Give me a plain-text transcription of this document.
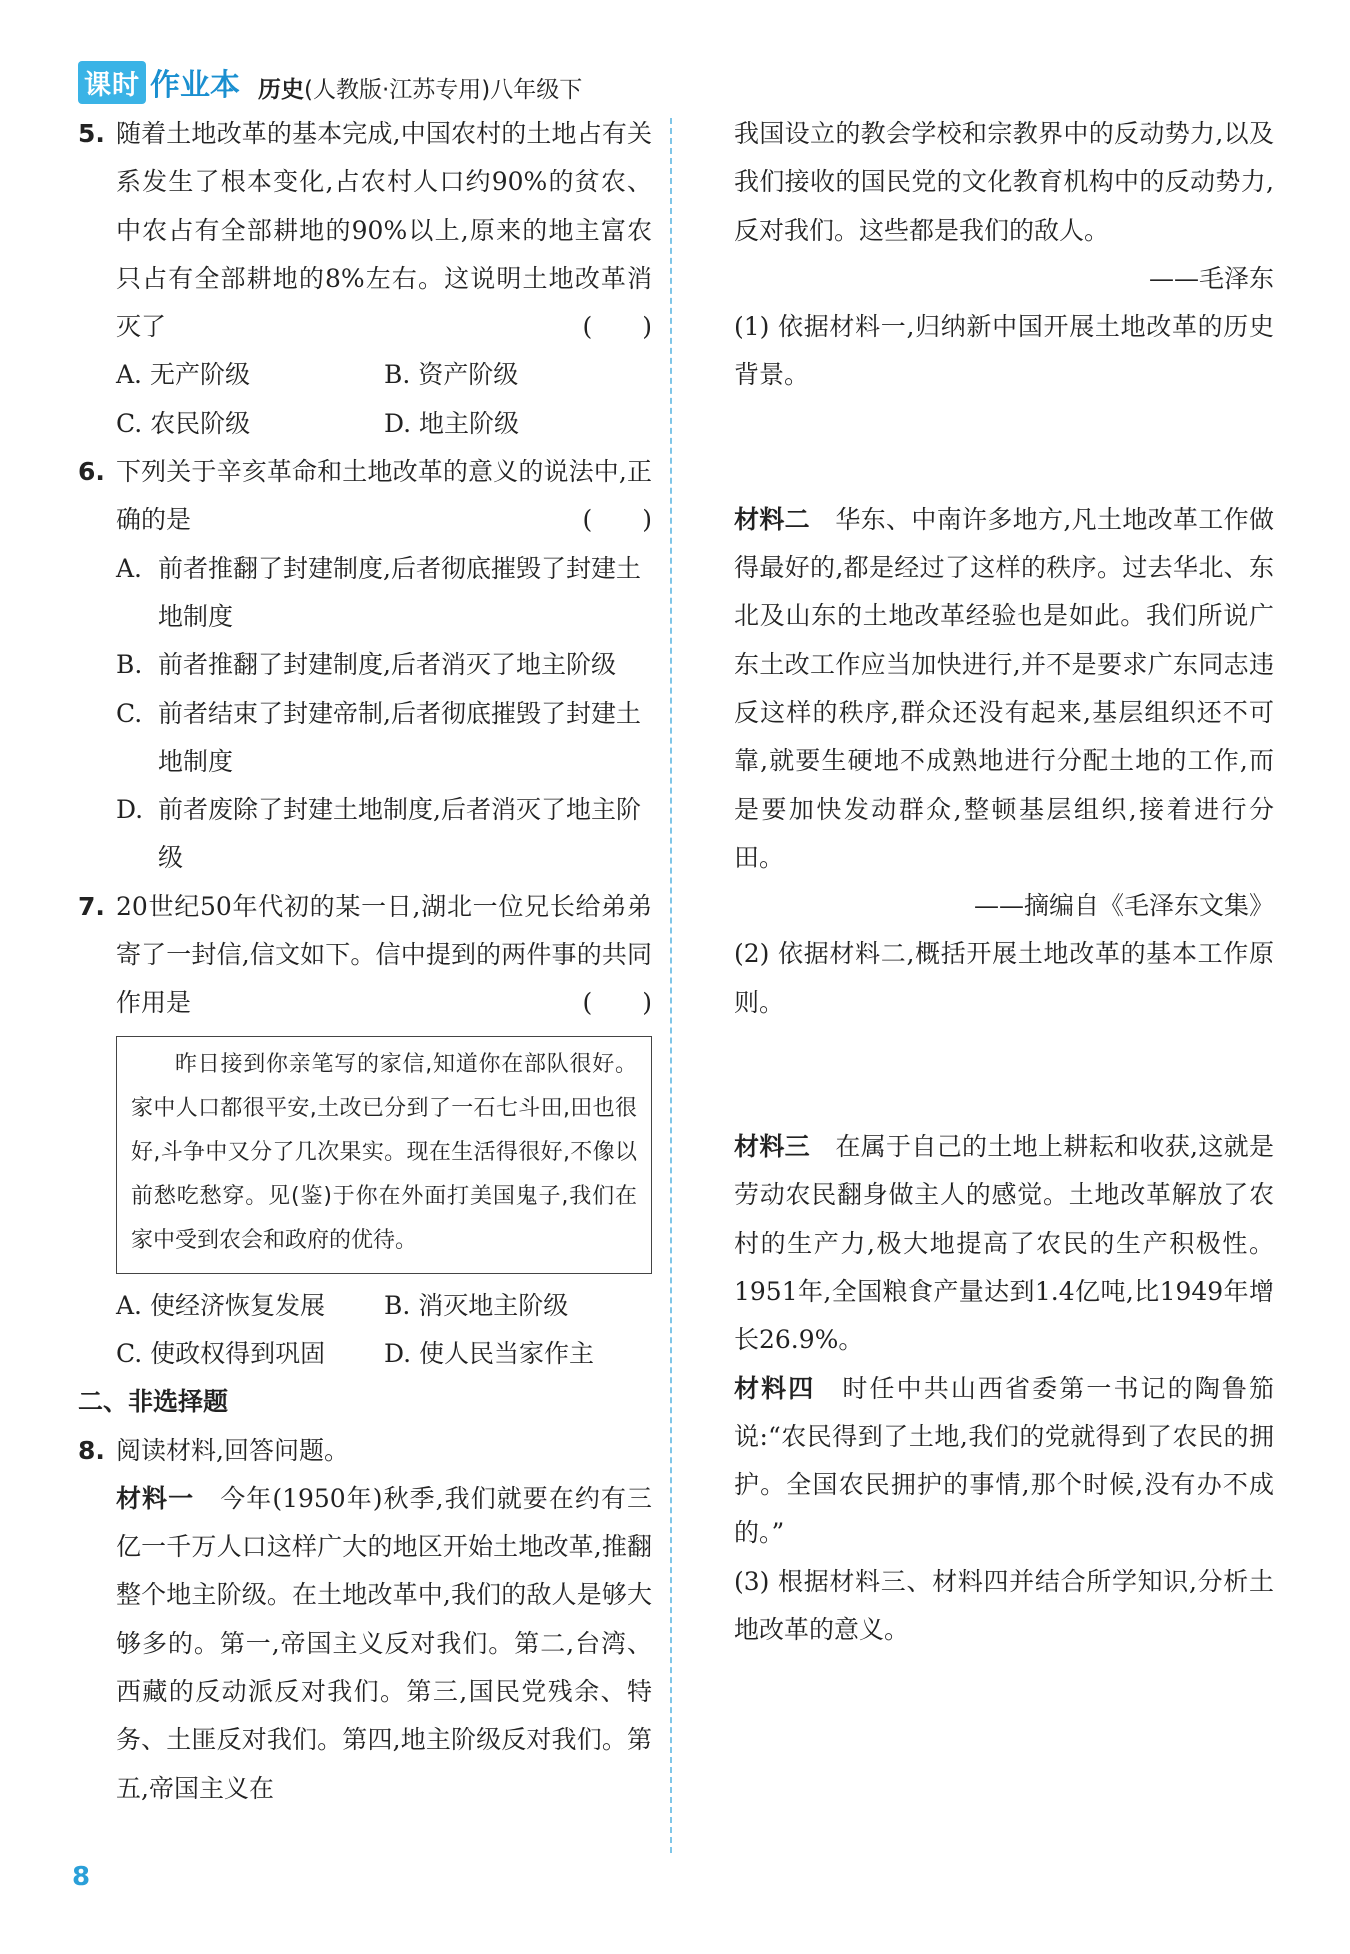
课时 作业本 历史(人教版·江苏专用)八年级下
5. 随着土地改革的基本完成,中国农村的土地占有关系发生了根本变化,占农村人口约90%的贫农、中农占有全部耕地的90%以上,原来的地主富农只占有全部耕地的8%左右。这说明土地改革消灭了	(　　)
A. 无产阶级	B. 资产阶级
C. 农民阶级	D. 地主阶级
6. 下列关于辛亥革命和土地改革的意义的说法中,正确的是	(　　)
A. 前者推翻了封建制度,后者彻底摧毁了封建土地制度
B. 前者推翻了封建制度,后者消灭了地主阶级
C. 前者结束了封建帝制,后者彻底摧毁了封建土地制度
D. 前者废除了封建土地制度,后者消灭了地主阶级
7. 20世纪50年代初的某一日,湖北一位兄长给弟弟寄了一封信,信文如下。信中提到的两件事的共同作用是	(　　)
昨日接到你亲笔写的家信,知道你在部队很好。家中人口都很平安,土改已分到了一石七斗田,田也很好,斗争中又分了几次果实。现在生活得很好,不像以前愁吃愁穿。见(鉴)于你在外面打美国鬼子,我们在家中受到农会和政府的优待。
A. 使经济恢复发展	B. 消灭地主阶级
C. 使政权得到巩固	D. 使人民当家作主
二、非选择题
8. 阅读材料,回答问题。
材料一　 今年(1950年)秋季,我们就要在约有三亿一千万人口这样广大的地区开始土地改革,推翻整个地主阶级。在土地改革中,我们的敌人是够大够多的。第一,帝国主义反对我们。第二,台湾、西藏的反动派反对我们。第三,国民党残余、特务、土匪反对我们。第四,地主阶级反对我们。第五,帝国主义在
我国设立的教会学校和宗教界中的反动势力,以及我们接收的国民党的文化教育机构中的反动势力,反对我们。这些都是我们的敌人。
——毛泽东
(1) 依据材料一,归纳新中国开展土地改革的历史背景。
材料二　 华东、中南许多地方,凡土地改革工作做得最好的,都是经过了这样的秩序。过去华北、东北及山东的土地改革经验也是如此。我们所说广东土改工作应当加快进行,并不是要求广东同志违反这样的秩序,群众还没有起来,基层组织还不可靠,就要生硬地不成熟地进行分配土地的工作,而是要加快发动群众,整顿基层组织,接着进行分田。
——摘编自《毛泽东文集》
(2) 依据材料二,概括开展土地改革的基本工作原则。
材料三　 在属于自己的土地上耕耘和收获,这就是劳动农民翻身做主人的感觉。土地改革解放了农村的生产力,极大地提高了农民的生产积极性。1951年,全国粮食产量达到1.4亿吨,比1949年增长26.9%。
材料四　 时任中共山西省委第一书记的陶鲁笳说:“农民得到了土地,我们的党就得到了农民的拥护。全国农民拥护的事情,那个时候,没有办不成的。”
(3) 根据材料三、材料四并结合所学知识,分析土地改革的意义。
8
